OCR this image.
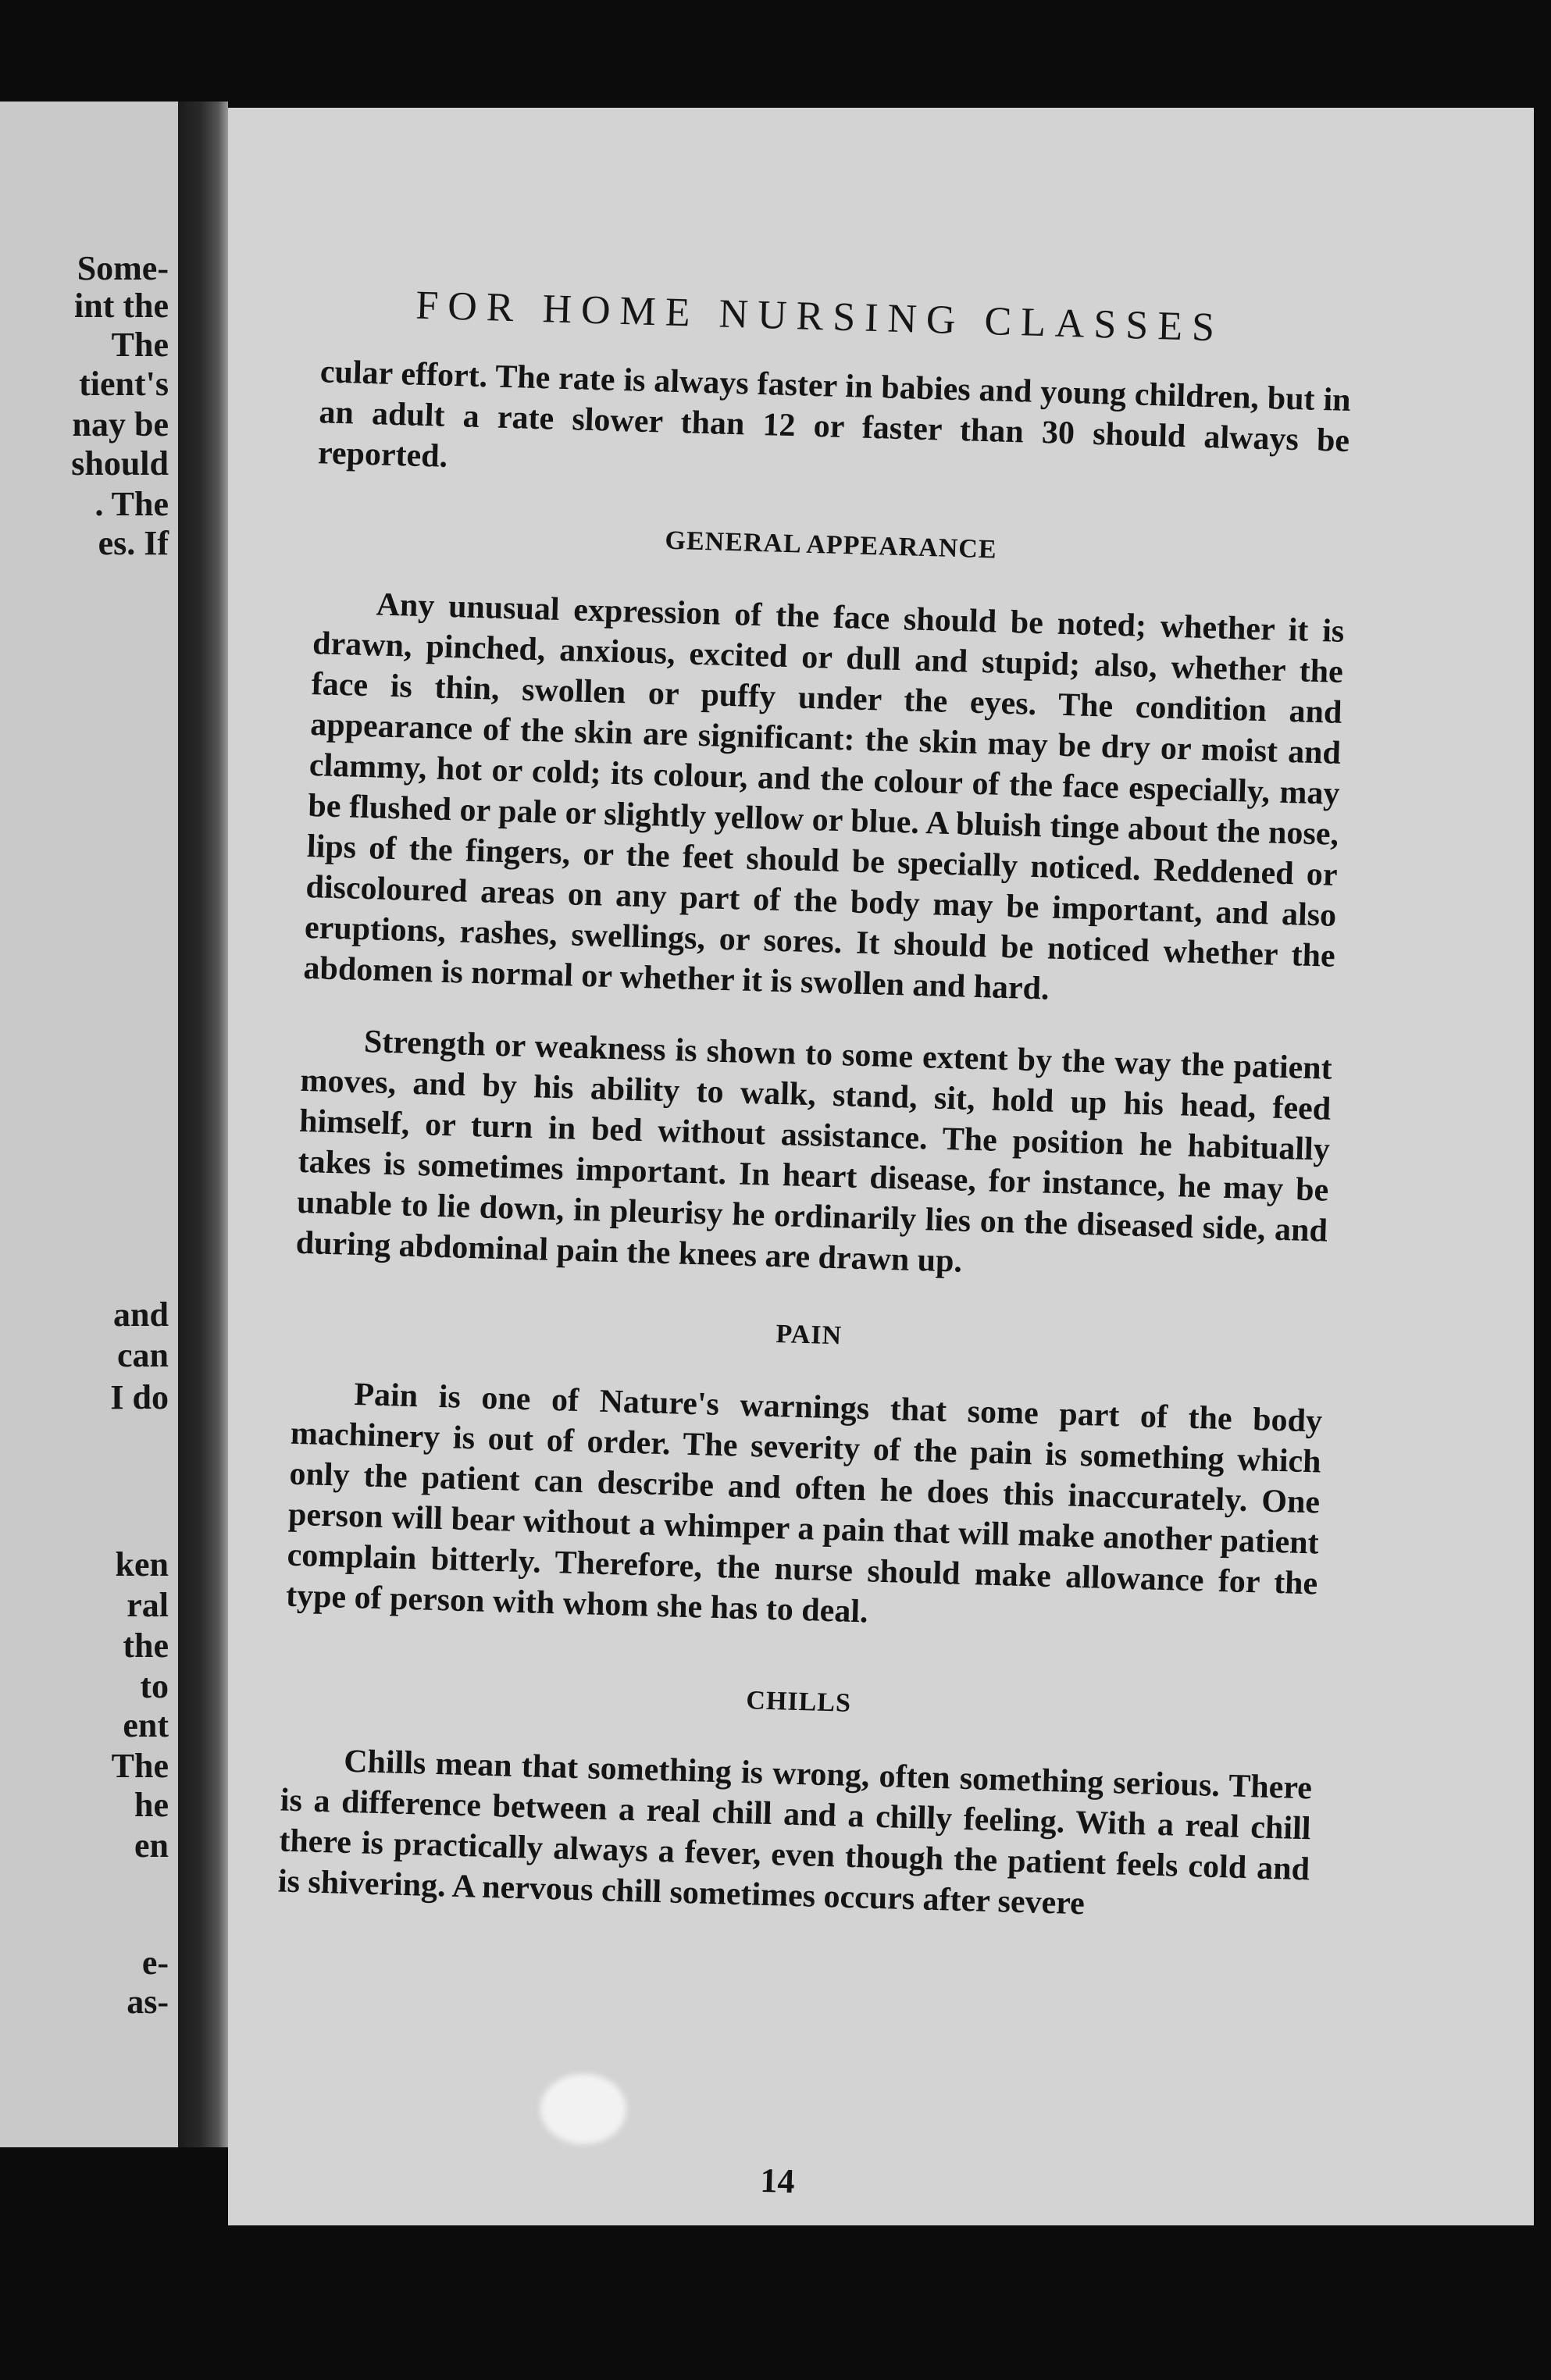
Some-
int the
The
tient's
nay be
should
. The
es. If
and
can
I do
ken
ral
the
to
ent
The
he
en
e-
as-
FOR HOME NURSING CLASSES

cular effort. The rate is always faster in babies and young children, but in an adult a rate slower than 12 or faster than 30 should always be reported.

GENERAL APPEARANCE

Any unusual expression of the face should be noted; whether it is drawn, pinched, anxious, excited or dull and stupid; also, whether the face is thin, swollen or puffy under the eyes. The condition and appearance of the skin are significant: the skin may be dry or moist and clammy, hot or cold; its colour, and the colour of the face especially, may be flushed or pale or slightly yellow or blue. A bluish tinge about the nose, lips of the fingers, or the feet should be specially noticed. Reddened or discoloured areas on any part of the body may be important, and also eruptions, rashes, swellings, or sores. It should be noticed whether the abdomen is normal or whether it is swollen and hard.

Strength or weakness is shown to some extent by the way the patient moves, and by his ability to walk, stand, sit, hold up his head, feed himself, or turn in bed without assistance. The position he habitually takes is sometimes important. In heart disease, for instance, he may be unable to lie down, in pleurisy he ordinarily lies on the diseased side, and during abdominal pain the knees are drawn up.

PAIN

Pain is one of Nature's warnings that some part of the body machinery is out of order. The severity of the pain is something which only the patient can describe and often he does this inaccurately. One person will bear without a whimper a pain that will make another patient complain bitterly. Therefore, the nurse should make allowance for the type of person with whom she has to deal.

CHILLS

Chills mean that something is wrong, often something serious. There is a difference between a real chill and a chilly feeling. With a real chill there is practically always a fever, even though the patient feels cold and is shivering. A nervous chill sometimes occurs after severe

14
